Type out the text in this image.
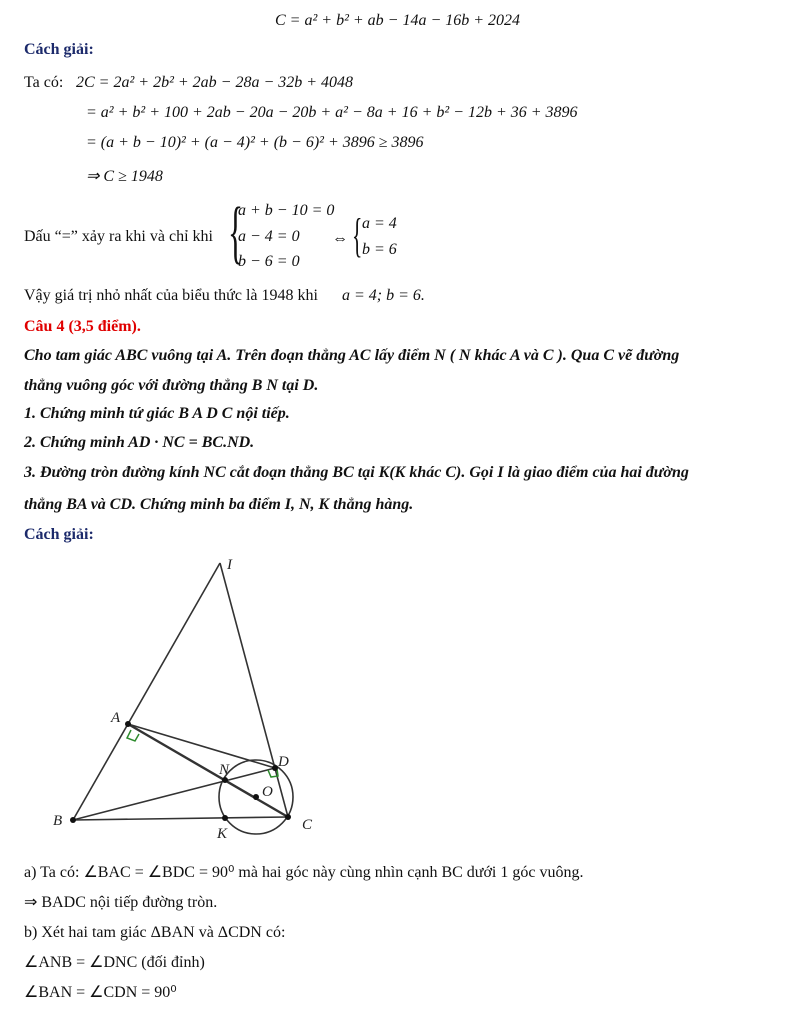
C = a² + b² + ab − 14a − 16b + 2024
Cách giải:
Ta có: 2C = 2a² + 2b² + 2ab − 28a − 32b + 4048
= a² + b² + 100 + 2ab − 20a − 20b + a² − 8a + 16 + b² − 12b + 36 + 3896
= (a + b − 10)² + (a − 4)² + (b − 6)² + 3896 ≥ 3896
⇒ C ≥ 1948
Dấu “=” xảy ra khi và chỉ khi {
a + b − 10 = 0
a − 4 = 0
b − 6 = 0
⇔ { a = 4
b = 6
Vậy giá trị nhỏ nhất của biểu thức là 1948 khi a = 4; b = 6.
Câu 4 (3,5 điểm).
Cho tam giác ABC vuông tại A. Trên đoạn thẳng AC lấy điểm N ( N khác A và C ). Qua C vẽ đường
thẳng vuông góc với đường thẳng B N tại D.
1. Chứng minh tứ giác B A D C nội tiếp.
2. Chứng minh AD · NC = BC.ND.
3. Đường tròn đường kính NC cắt đoạn thẳng BC tại K(K khác C). Gọi I là giao điểm của hai đường
thẳng BA và CD. Chứng minh ba điểm I, N, K thẳng hàng.
Cách giải:
I
A
B	C
D
N
O
K
a) Ta có: ∠BAC = ∠BDC = 90⁰ mà hai góc này cùng nhìn cạnh BC dưới 1 góc vuông.
⇒ BADC nội tiếp đường tròn.
b) Xét hai tam giác ΔBAN và ΔCDN có:
∠ANB = ∠DNC (đối đỉnh)
∠BAN = ∠CDN = 90⁰
